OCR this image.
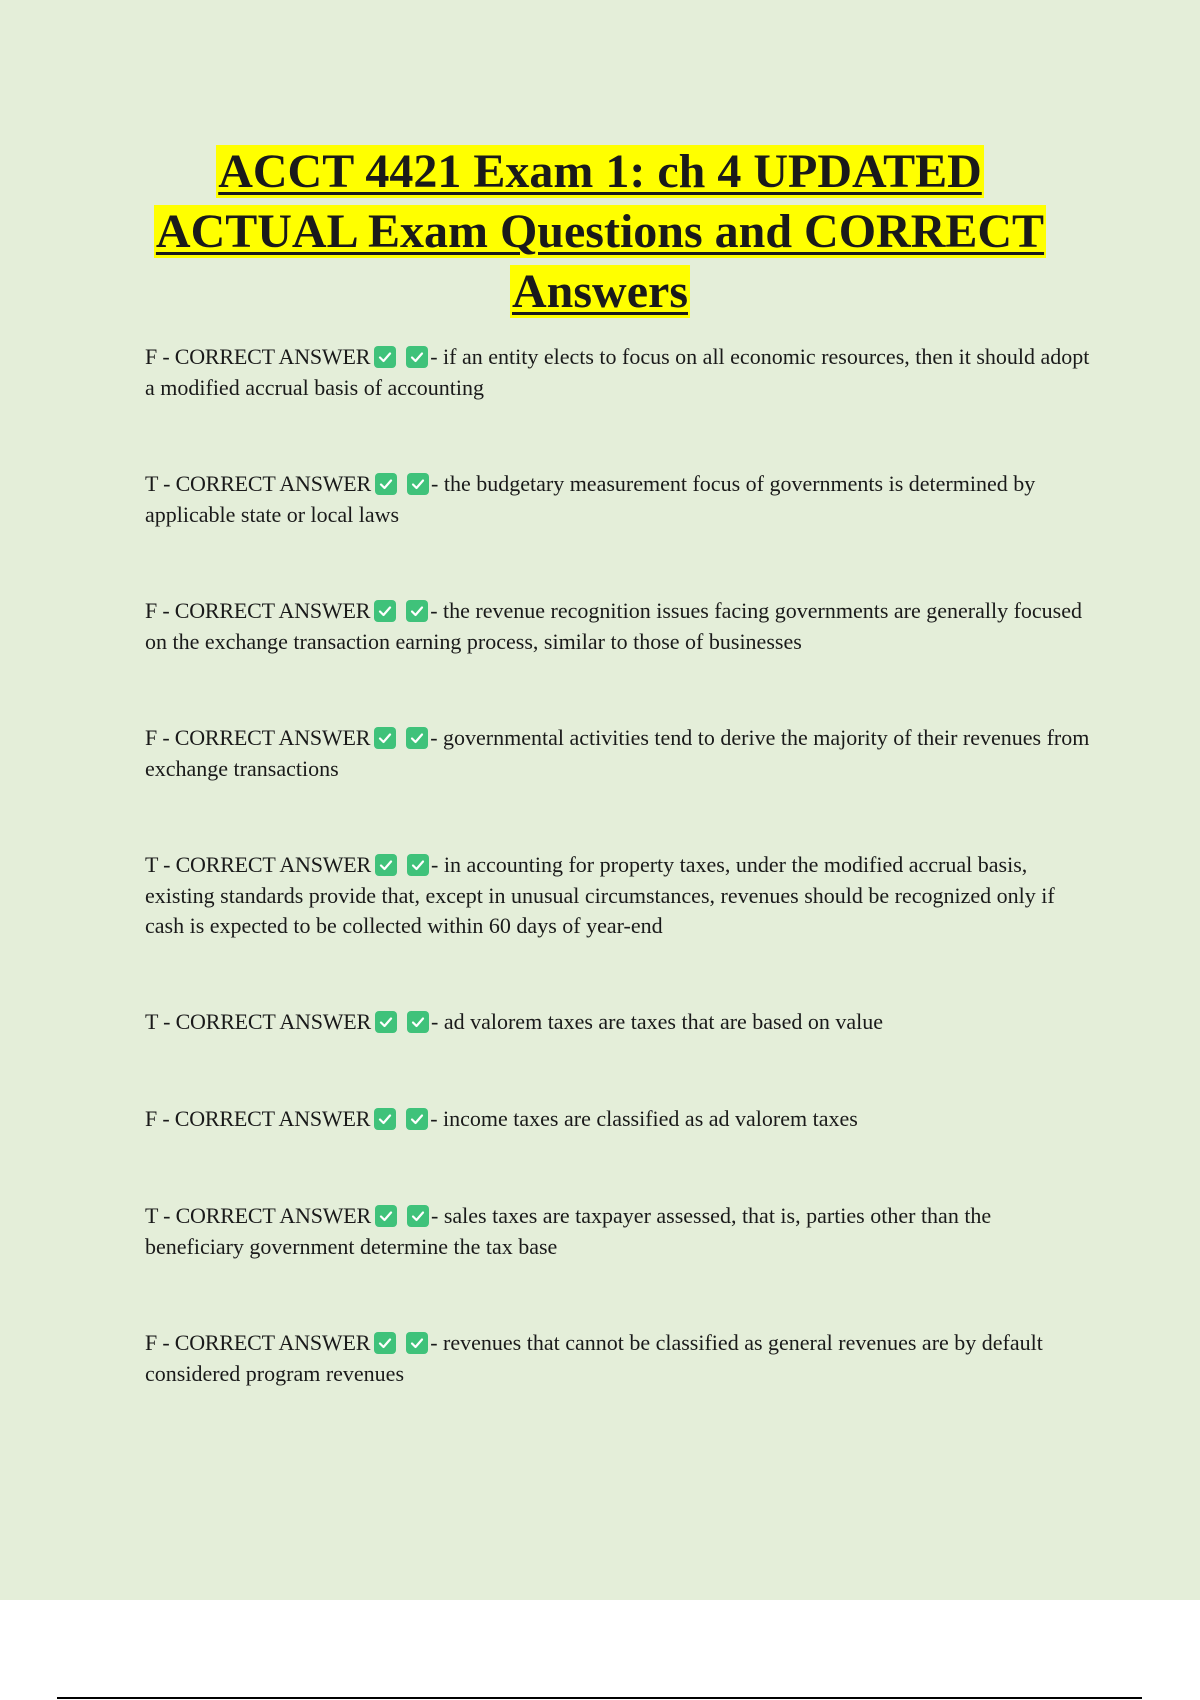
ACCT 4421 Exam 1: ch 4 UPDATED
ACTUAL Exam Questions and CORRECT
Answers
F - CORRECT ANSWER	- if an entity elects to focus on all economic resources, then it should adopt a modified accrual basis of accounting
T - CORRECT ANSWER	- the budgetary measurement focus of governments is determined by applicable state or local laws
F - CORRECT ANSWER	- the revenue recognition issues facing governments are generally focused on the exchange transaction earning process, similar to those of businesses
F - CORRECT ANSWER	- governmental activities tend to derive the majority of their revenues from exchange transactions
T - CORRECT ANSWER	- in accounting for property taxes, under the modified accrual basis, existing standards provide that, except in unusual circumstances, revenues should be recognized only if cash is expected to be collected within 60 days of year-end
T - CORRECT ANSWER	- ad valorem taxes are taxes that are based on value
F - CORRECT ANSWER	- income taxes are classified as ad valorem taxes
T - CORRECT ANSWER	- sales taxes are taxpayer assessed, that is, parties other than the beneficiary government determine the tax base
F - CORRECT ANSWER	- revenues that cannot be classified as general revenues are by default considered program revenues
